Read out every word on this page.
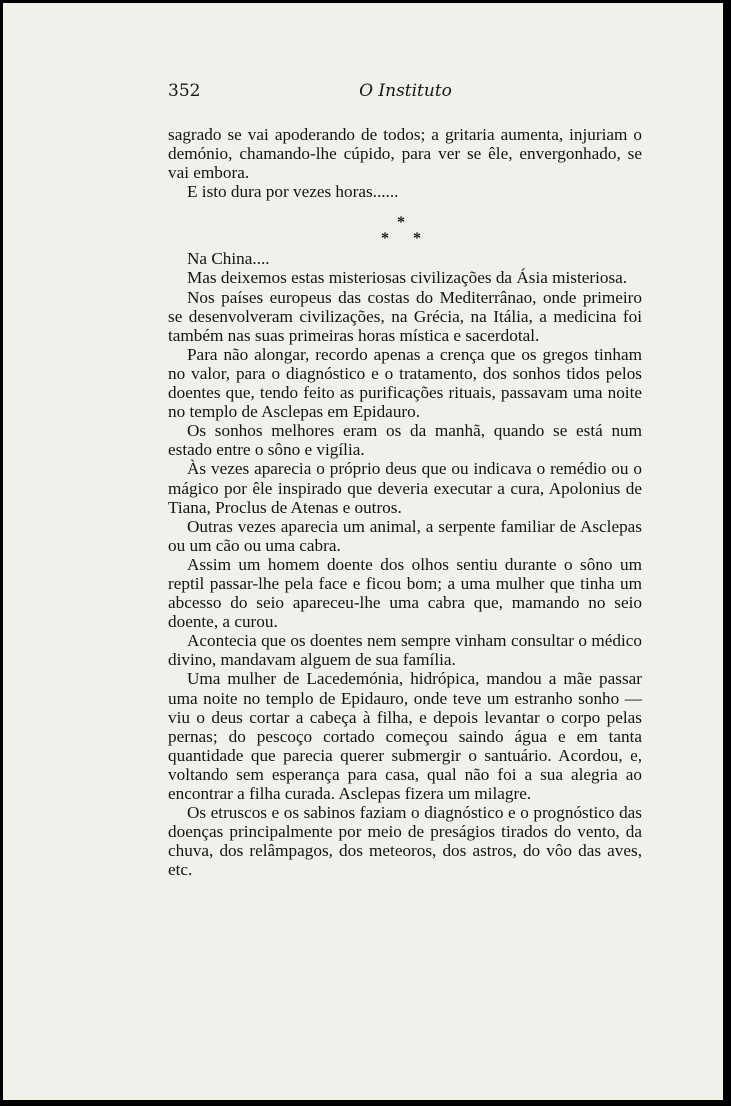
352	O Instituto

sagrado se vai apoderando de todos; a gritaria aumenta, injuriam o demónio, chamando-lhe cúpido, para ver se êle, envergonhado, se vai embora.

E isto dura por vezes horas......

*
* *

Na China....

Mas deixemos estas misteriosas civilizações da Ásia misteriosa.

Nos países europeus das costas do Mediterrânao, onde primeiro se desenvolveram civilizações, na Grécia, na Itália, a medicina foi também nas suas primeiras horas mística e sacerdotal.

Para não alongar, recordo apenas a crença que os gregos tinham no valor, para o diagnóstico e o tratamento, dos sonhos tidos pelos doentes que, tendo feito as purificações rituais, passavam uma noite no templo de Asclepas em Epidauro.

Os sonhos melhores eram os da manhã, quando se está num estado entre o sôno e vigília.

Às vezes aparecia o próprio deus que ou indicava o remédio ou o mágico por êle inspirado que deveria executar a cura, Apolonius de Tiana, Proclus de Atenas e outros.

Outras vezes aparecia um animal, a serpente familiar de Asclepas ou um cão ou uma cabra.

Assim um homem doente dos olhos sentiu durante o sôno um reptil passar-lhe pela face e ficou bom; a uma mulher que tinha um abcesso do seio apareceu-lhe uma cabra que, mamando no seio doente, a curou.

Acontecia que os doentes nem sempre vinham consultar o médico divino, mandavam alguem de sua família.

Uma mulher de Lacedemónia, hidrópica, mandou a mãe passar uma noite no templo de Epidauro, onde teve um estranho sonho — viu o deus cortar a cabeça à filha, e depois levantar o corpo pelas pernas; do pescoço cortado começou saindo água e em tanta quantidade que parecia querer submergir o santuário. Acordou, e, voltando sem esperança para casa, qual não foi a sua alegria ao encontrar a filha curada. Asclepas fizera um milagre.

Os etruscos e os sabinos faziam o diagnóstico e o prognóstico das doenças principalmente por meio de preságios tirados do vento, da chuva, dos relâmpagos, dos meteoros, dos astros, do vôo das aves, etc.
